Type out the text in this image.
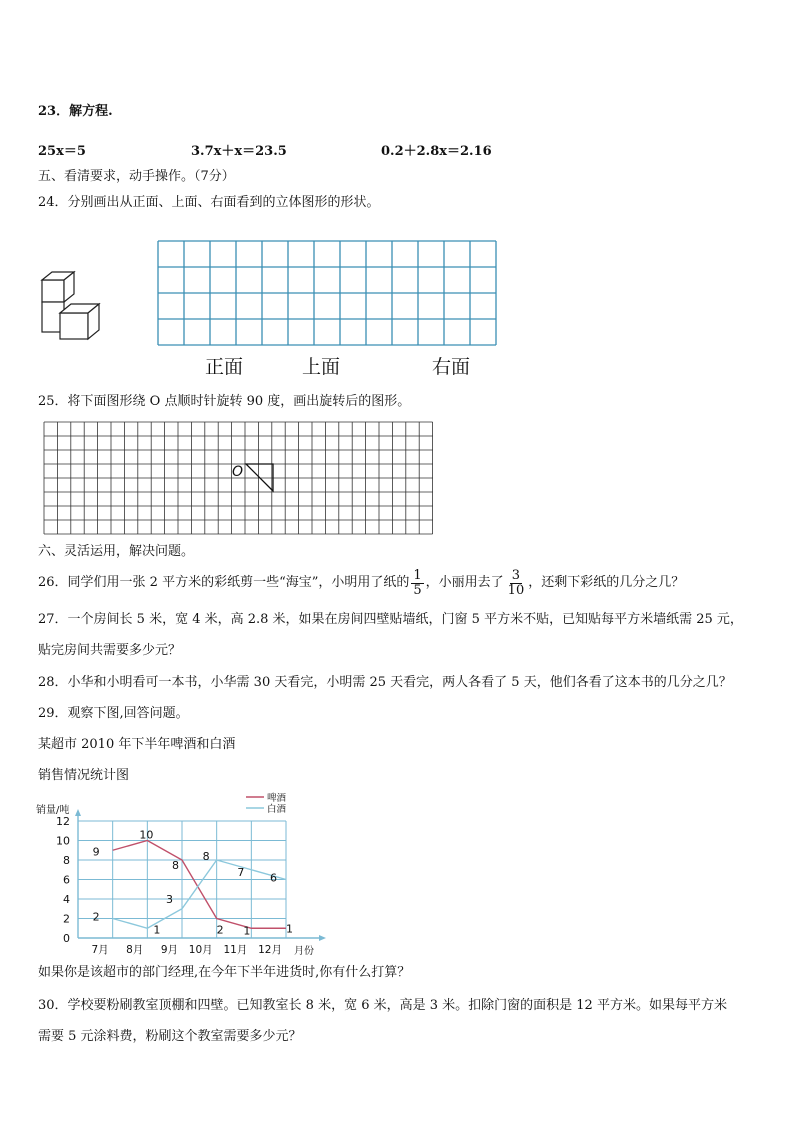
23．解方程.
25x＝5	3.7x＋x＝23.5	0.2＋2.8x＝2.16
五、看清要求，动手操作。（7分）
24．分别画出从正面、上面、右面看到的立体图形的形状。
正面	上面	右面
25．将下面图形绕 O 点顺时针旋转 90 度，画出旋转后的图形。
O
六、灵活运用，解决问题。
26．同学们用一张 2 平方米的彩纸剪一些“海宝”，小明用了纸的 $\frac{1}{5}$ ，小丽用去了 $\frac{3}{10}$ ，还剩下彩纸的几分之几？
27．一个房间长 5 米，宽 4 米，高 2.8 米，如果在房间四壁贴墙纸，门窗 5 平方米不贴，已知贴每平方米墙纸需 25 元，
贴完房间共需要多少元？
28．小华和小明看可一本书，小华需 30 天看完，小明需 25 天看完，两人各看了 5 天，他们各看了这本书的几分之几？
29．观察下图,回答问题。
某超市 2010 年下半年啤酒和白酒
销售情况统计图
0
2
4
6
8
10
12
7月 8月 9月 10月 11月 12月
9
10
8
2 1	1
2
1
3
8
7 6
啤酒
白酒
销量/吨
月份
如果你是该超市的部门经理,在今年下半年进货时,你有什么打算？
30．学校要粉刷教室顶棚和四壁。已知教室长 8 米，宽 6 米，高是 3 米。扣除门窗的面积是 12 平方米。如果每平方米
需要 5 元涂料费，粉刷这个教室需要多少元？
